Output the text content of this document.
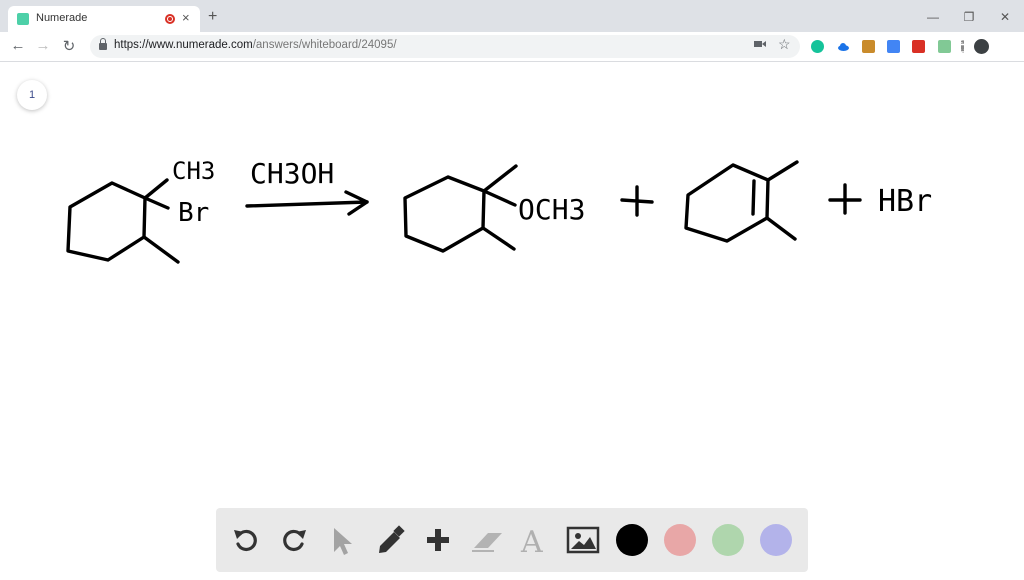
Numerade	× +	—	❐	✕
← → ↻	https://www.numerade.com/answers/whiteboard/24095/	☆
1
CH3
Br
CH3OH
OCH3	HBr
A
